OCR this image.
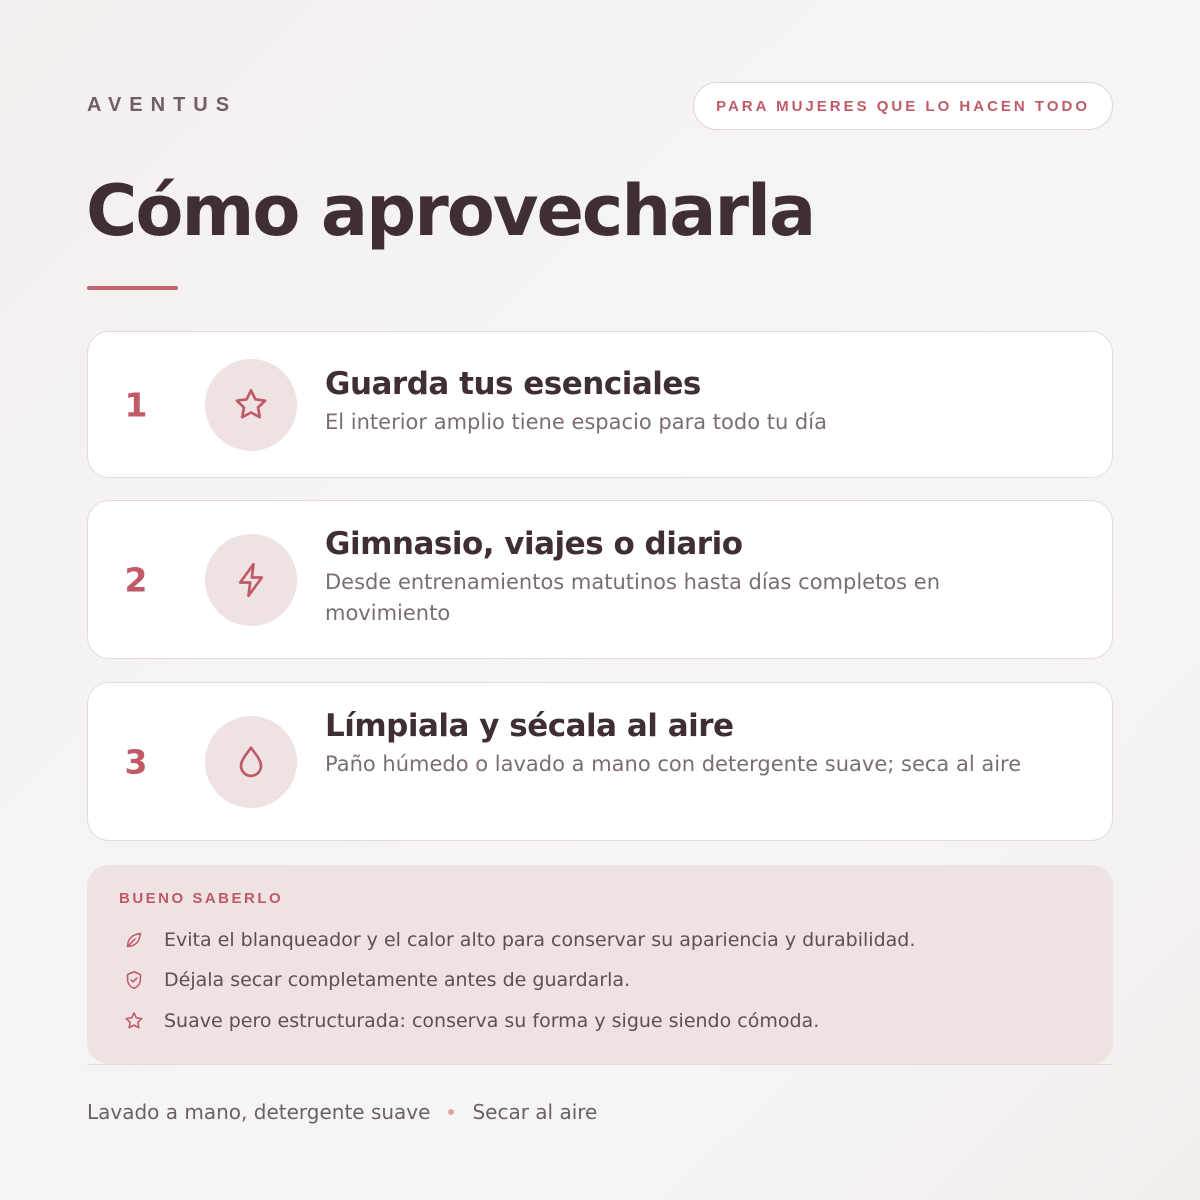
AVENTUS	PARA MUJERES QUE LO HACEN TODO
Cómo aprovecharla
1
Guarda tus esenciales
El interior amplio tiene espacio para todo tu día
2
Gimnasio, viajes o diario
Desde entrenamientos matutinos hasta días completos en movimiento
3
Límpiala y sécala al aire
Paño húmedo o lavado a mano con detergente suave; seca al aire
BUENO SABERLO
Evita el blanqueador y el calor alto para conservar su apariencia y durabilidad.
Déjala secar completamente antes de guardarla.
Suave pero estructurada: conserva su forma y sigue siendo cómoda.
Lavado a mano, detergente suave Secar al aire
